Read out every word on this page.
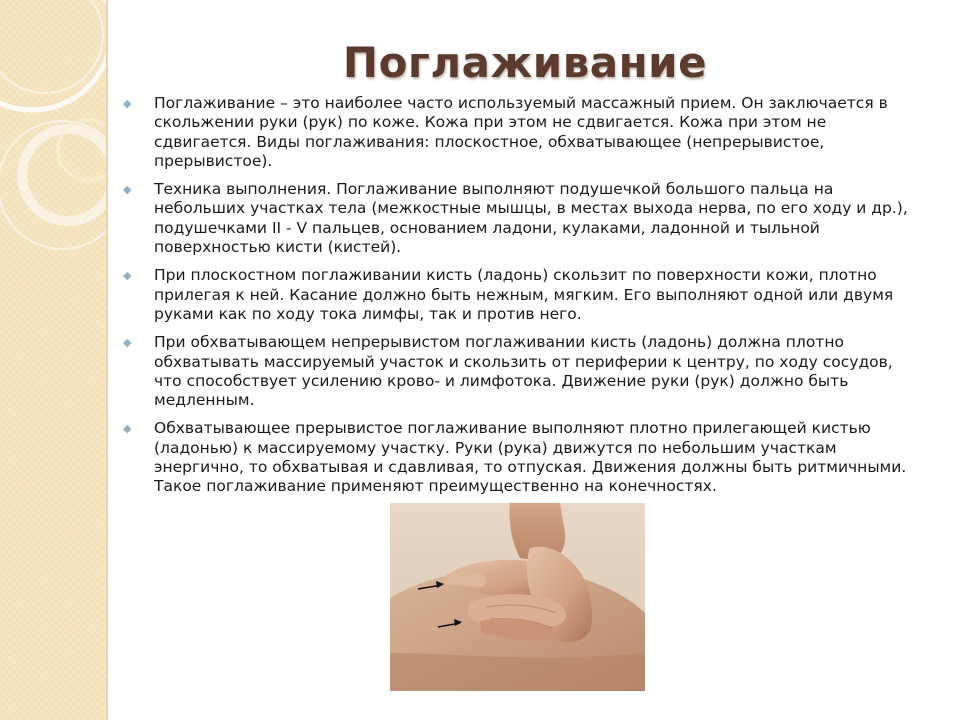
Поглаживание
◆ Поглаживание – это наиболее часто используемый массажный прием. Он заключается в скольжении руки (рук) по коже. Кожа при этом не сдвигается. Кожа при этом не сдвигается. Виды поглаживания: плоскостное, обхватывающее (непрерывистое, прерывистое).
◆ Техника выполнения. Поглаживание выполняют подушечкой большого пальца на небольших участках тела (межкостные мышцы, в местах выхода нерва, по его ходу и др.), подушечками II - V пальцев, основанием ладони, кулаками, ладонной и тыльной поверхностью кисти (кистей).
◆ При плоскостном поглаживании кисть (ладонь) скользит по поверхности кожи, плотно прилегая к ней. Касание должно быть нежным, мягким. Его выполняют одной или двумя руками как по ходу тока лимфы, так и против него.
◆ При обхватывающем непрерывистом поглаживании кисть (ладонь) должна плотно обхватывать массируемый участок и скользить от периферии к центру, по ходу сосудов, что способствует усилению крово- и лимфотока. Движение руки (рук) должно быть медленным.
◆ Обхватывающее прерывистое поглаживание выполняют плотно прилегающей кистью (ладонью) к массируемому участку. Руки (рука) движутся по небольшим участкам энергично, то обхватывая и сдавливая, то отпуская. Движения должны быть ритмичными. Такое поглаживание применяют преимущественно на конечностях.
